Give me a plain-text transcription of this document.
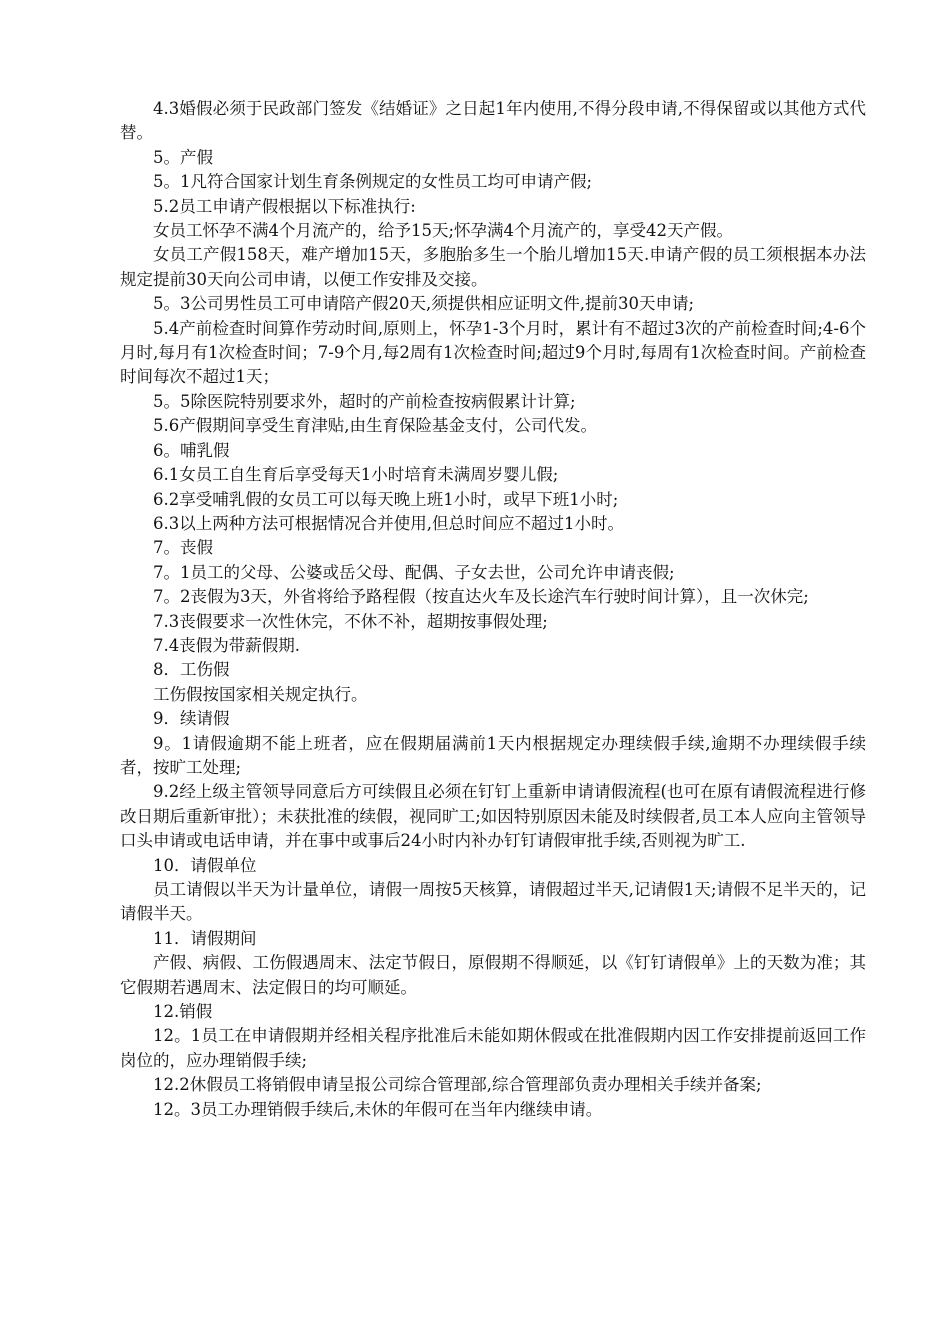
4.3婚假必须于民政部门签发《结婚证》之日起1年内使用,不得分段申请,不得保留或以其他方式代替。

5。产假

5。1凡符合国家计划生育条例规定的女性员工均可申请产假;

5.2员工申请产假根据以下标准执行:

女员工怀孕不满4个月流产的，给予15天;怀孕满4个月流产的，享受42天产假。

女员工产假158天，难产增加15天，多胞胎多生一个胎儿增加15天.申请产假的员工须根据本办法规定提前30天向公司申请，以便工作安排及交接。

5。3公司男性员工可申请陪产假20天,须提供相应证明文件,提前30天申请;

5.4产前检查时间算作劳动时间,原则上，怀孕1-3个月时，累计有不超过3次的产前检查时间;4-6个月时,每月有1次检查时间；7-9个月,每2周有1次检查时间;超过9个月时,每周有1次检查时间。产前检查时间每次不超过1天；

5。5除医院特别要求外，超时的产前检查按病假累计计算;

5.6产假期间享受生育津贴,由生育保险基金支付，公司代发。

6。哺乳假

6.1女员工自生育后享受每天1小时培育未满周岁婴儿假;

6.2享受哺乳假的女员工可以每天晚上班1小时，或早下班1小时;

6.3以上两种方法可根据情况合并使用,但总时间应不超过1小时。

7。丧假

7。1员工的父母、公婆或岳父母、配偶、子女去世，公司允许申请丧假;

7。2丧假为3天，外省将给予路程假（按直达火车及长途汽车行驶时间计算），且一次休完;

7.3丧假要求一次性休完，不休不补，超期按事假处理;

7.4丧假为带薪假期.

8．工伤假

工伤假按国家相关规定执行。

9．续请假

9。1请假逾期不能上班者，应在假期届满前1天内根据规定办理续假手续,逾期不办理续假手续者，按旷工处理;

9.2经上级主管领导同意后方可续假且必须在钉钉上重新申请请假流程(也可在原有请假流程进行修改日期后重新审批）；未获批准的续假，视同旷工;如因特别原因未能及时续假者,员工本人应向主管领导口头申请或电话申请，并在事中或事后24小时内补办钉钉请假审批手续,否则视为旷工.

10．请假单位

员工请假以半天为计量单位，请假一周按5天核算，请假超过半天,记请假1天;请假不足半天的，记请假半天。

11．请假期间

产假、病假、工伤假遇周末、法定节假日，原假期不得顺延，以《钉钉请假单》上的天数为准；其它假期若遇周末、法定假日的均可顺延。

12.销假

12。1员工在申请假期并经相关程序批准后未能如期休假或在批准假期内因工作安排提前返回工作岗位的，应办理销假手续;

12.2休假员工将销假申请呈报公司综合管理部,综合管理部负责办理相关手续并备案;

12。3员工办理销假手续后,未休的年假可在当年内继续申请。
